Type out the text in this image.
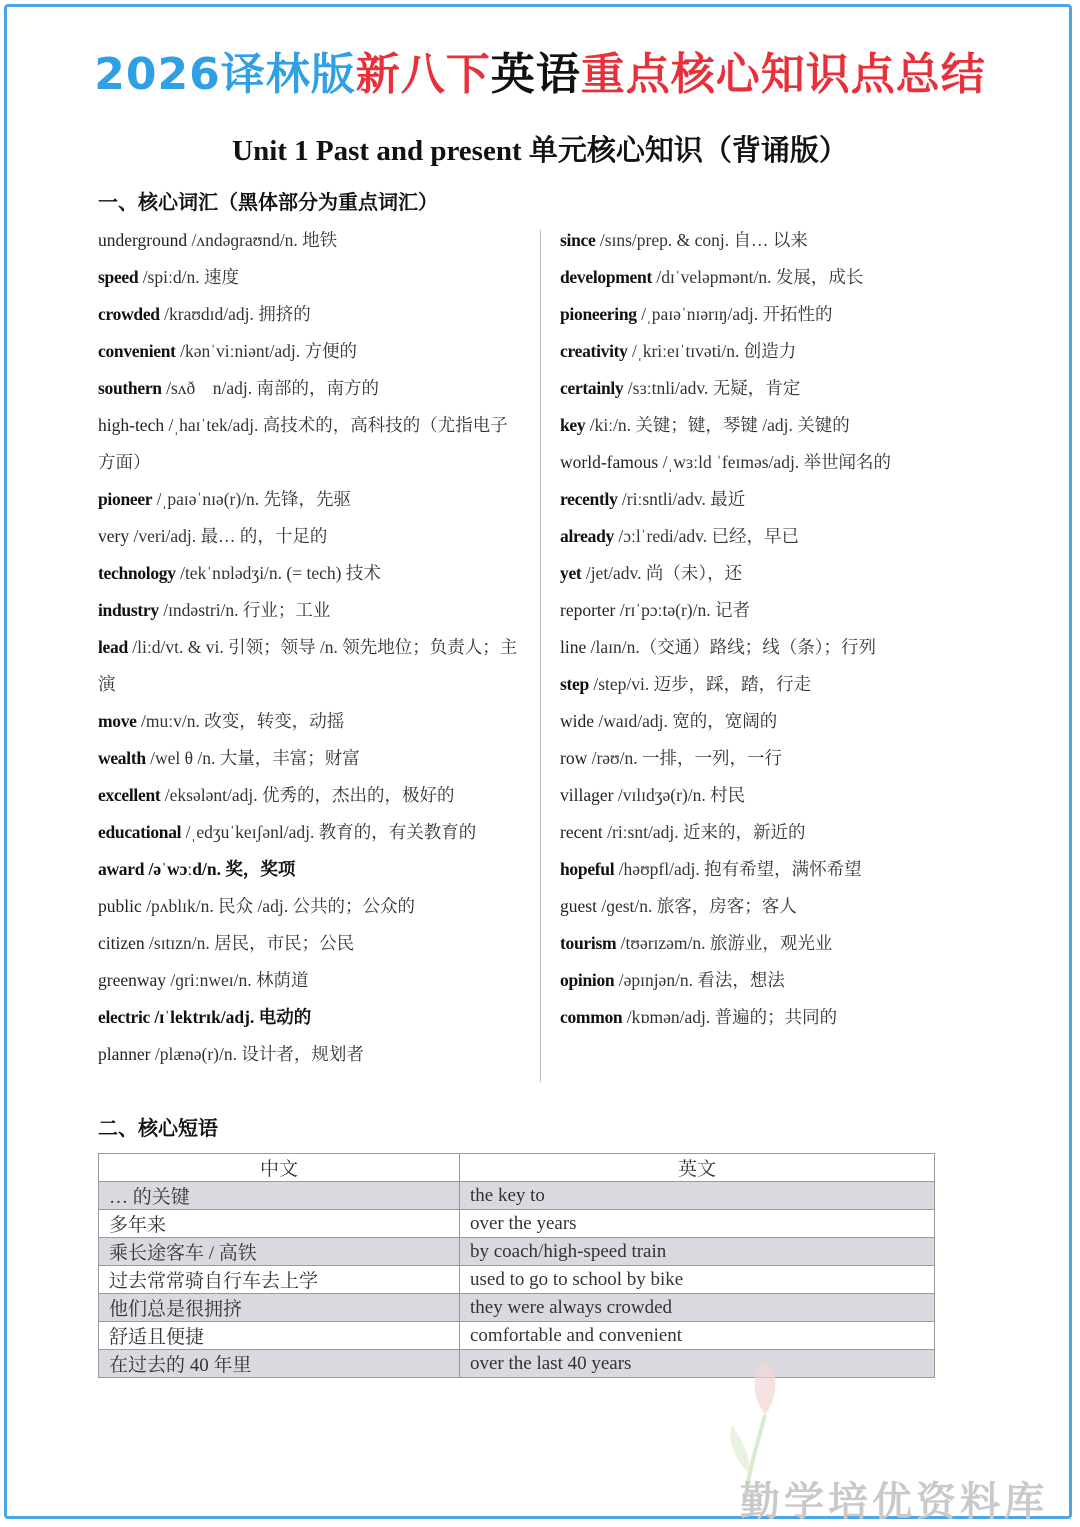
2026译林版新八下英语重点核心知识点总结
Unit 1 Past and present 单元核心知识（背诵版）
一、核心词汇（黑体部分为重点词汇）
underground /ʌndəɡraʊnd/n. 地铁
speed /spiːd/n. 速度
crowded /kraʊdɪd/adj. 拥挤的
convenient /kənˈviːniənt/adj. 方便的
southern /sʌð　n/adj. 南部的，南方的
high-tech /ˌhaɪˈtek/adj. 高技术的，高科技的（尤指电子方面）
pioneer /ˌpaɪəˈnɪə(r)/n. 先锋，先驱
very /veri/adj. 最… 的，十足的
technology /tekˈnɒlədʒi/n. (= tech) 技术
industry /ɪndəstri/n. 行业；工业
lead /liːd/vt. & vi. 引领；领导 /n. 领先地位；负责人；主演
move /muːv/n. 改变，转变，动摇
wealth /wel θ /n. 大量，丰富；财富
excellent /eksələnt/adj. 优秀的，杰出的，极好的
educational /ˌedʒuˈkeɪʃənl/adj. 教育的，有关教育的
award /əˈwɔːd/n. 奖，奖项
public /pʌblɪk/n. 民众 /adj. 公共的；公众的
citizen /sɪtɪzn/n. 居民，市民；公民
greenway /ɡriːnweɪ/n. 林荫道
electric /ɪˈlektrɪk/adj. 电动的
planner /plænə(r)/n. 设计者，规划者
since /sɪns/prep. & conj. 自… 以来
development /dɪˈveləpmənt/n. 发展，成长
pioneering /ˌpaɪəˈnɪərɪŋ/adj. 开拓性的
creativity /ˌkriːeɪˈtɪvəti/n. 创造力
certainly /sɜːtnli/adv. 无疑，肯定
key /kiː/n. 关键；键，琴键 /adj. 关键的
world-famous /ˌwɜːld ˈfeɪməs/adj. 举世闻名的
recently /riːsntli/adv. 最近
already /ɔːlˈredi/adv. 已经，早已
yet /jet/adv. 尚（未），还
reporter /rɪˈpɔːtə(r)/n. 记者
line /laɪn/n.（交通）路线；线（条）；行列
step /step/vi. 迈步，踩，踏，行走
wide /waɪd/adj. 宽的，宽阔的
row /rəʊ/n. 一排，一列，一行
villager /vɪlɪdʒə(r)/n. 村民
recent /riːsnt/adj. 近来的，新近的
hopeful /həʊpfl/adj. 抱有希望，满怀希望
guest /ɡest/n. 旅客，房客；客人
tourism /tʊərɪzəm/n. 旅游业，观光业
opinion /əpɪnjən/n. 看法，想法
common /kɒmən/adj. 普遍的；共同的
二、核心短语
中文	英文
… 的关键	the key to
多年来	over the years
乘长途客车 / 高铁	by coach/high-speed train
过去常常骑自行车去上学	used to go to school by bike
他们总是很拥挤	they were always crowded
舒适且便捷	comfortable and convenient
在过去的 40 年里	over the last 40 years
勤学培优资料库
